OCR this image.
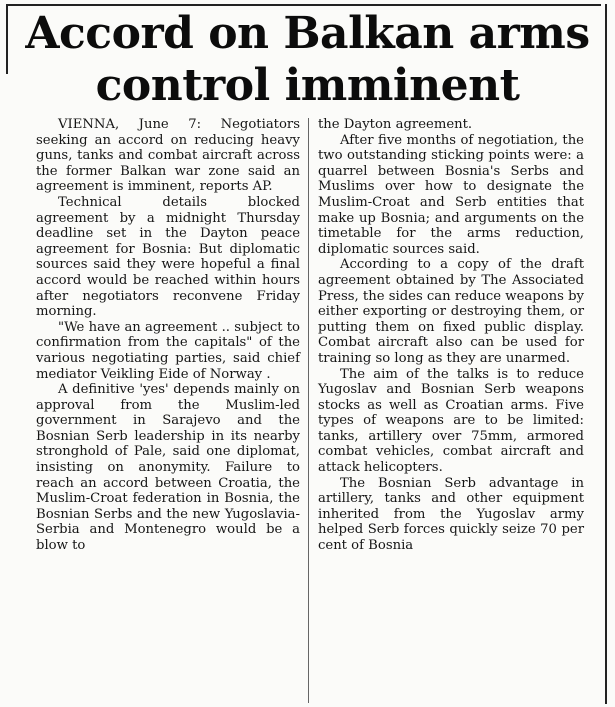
Accord on Balkan arms
control imminent

VIENNA, June 7: Negotiators seeking an accord on reducing heavy guns, tanks and combat aircraft across the former Balkan war zone said an agreement is imminent, reports AP.

Technical details blocked agreement by a midnight Thursday deadline set in the Dayton peace agreement for Bosnia: But diplomatic sources said they were hopeful a final accord would be reached within hours after negotiators reconvene Friday morning.

"We have an agreement .. subject to confirmation from the capitals" of the various negotiating parties, said chief mediator Veikling Eide of Norway .

A definitive 'yes' depends mainly on approval from the Muslim-led government in Sarajevo and the Bosnian Serb leadership in its nearby stronghold of Pale, said one diplomat, insisting on anonymity. Failure to reach an accord between Croatia, the Muslim-Croat federation in Bosnia, the Bosnian Serbs and the new Yugoslavia-Serbia and Montenegro would be a blow to

the Dayton agreement.

After five months of negotiation, the two outstanding sticking points were: a quarrel between Bosnia's Serbs and Muslims over how to designate the Muslim-Croat and Serb entities that make up Bosnia; and arguments on the timetable for the arms reduction, diplomatic sources said.

According to a copy of the draft agreement obtained by The Associated Press, the sides can reduce weapons by either exporting or destroying them, or putting them on fixed public display. Combat aircraft also can be used for training so long as they are unarmed.

The aim of the talks is to reduce Yugoslav and Bosnian Serb weapons stocks as well as Croatian arms. Five types of weapons are to be limited: tanks, artillery over 75mm, armored combat vehicles, combat aircraft and attack helicopters.

The Bosnian Serb advantage in artillery, tanks and other equipment inherited from the Yugoslav army helped Serb forces quickly seize 70 per cent of Bosnia
